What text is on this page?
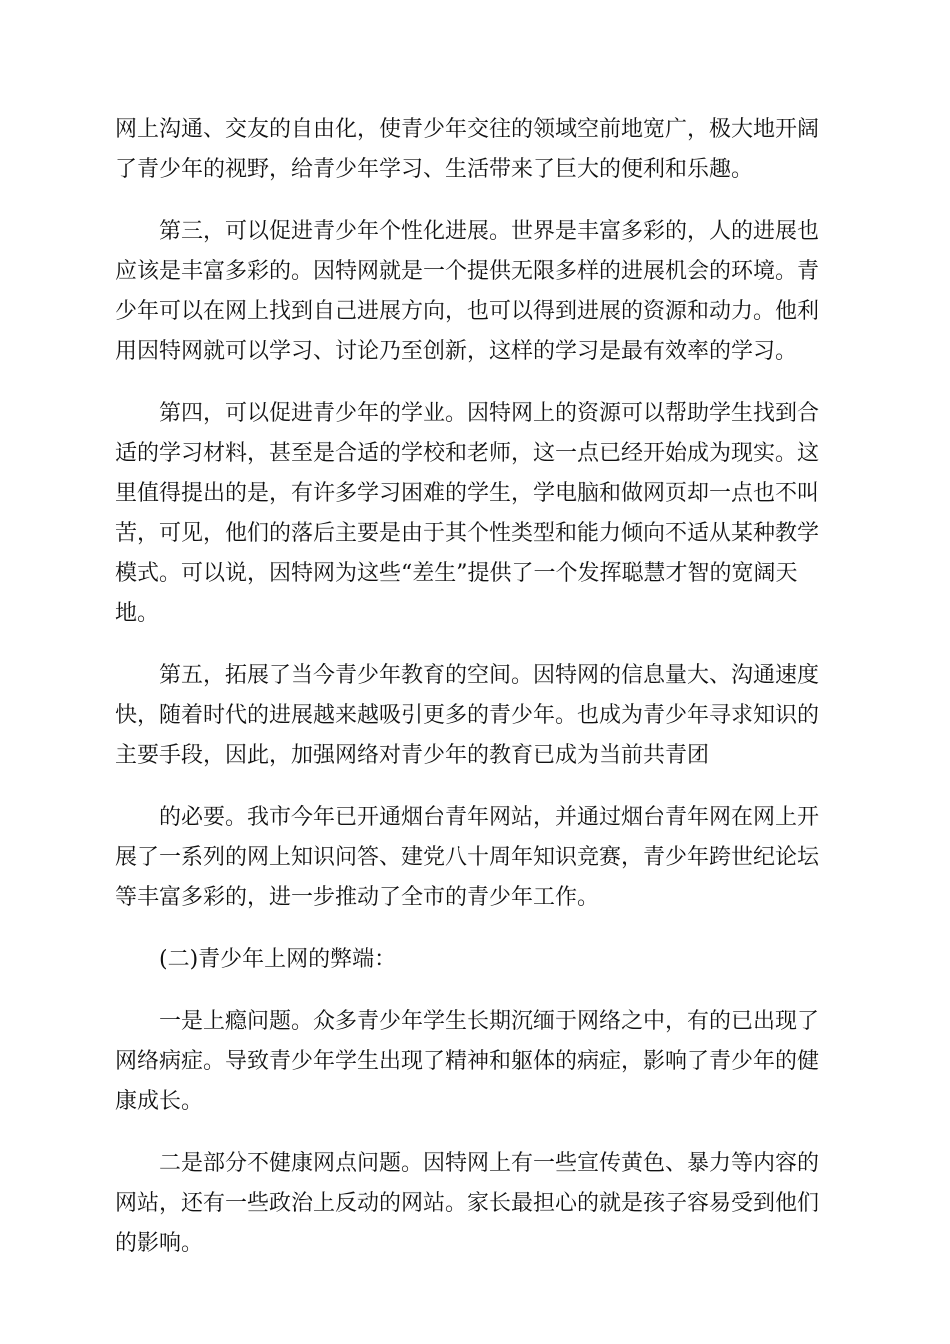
网上沟通、交友的自由化，使青少年交往的领域空前地宽广，极大地开阔了青少年的视野，给青少年学习、生活带来了巨大的便利和乐趣。

第三，可以促进青少年个性化进展。世界是丰富多彩的，人的进展也应该是丰富多彩的。因特网就是一个提供无限多样的进展机会的环境。青少年可以在网上找到自己进展方向，也可以得到进展的资源和动力。他利用因特网就可以学习、讨论乃至创新，这样的学习是最有效率的学习。

第四，可以促进青少年的学业。因特网上的资源可以帮助学生找到合适的学习材料，甚至是合适的学校和老师，这一点已经开始成为现实。这里值得提出的是，有许多学习困难的学生，学电脑和做网页却一点也不叫苦，可见，他们的落后主要是由于其个性类型和能力倾向不适从某种教学模式。可以说，因特网为这些“差生”提供了一个发挥聪慧才智的宽阔天地。

第五，拓展了当今青少年教育的空间。因特网的信息量大、沟通速度快，随着时代的进展越来越吸引更多的青少年。也成为青少年寻求知识的主要手段，因此，加强网络对青少年的教育已成为当前共青团

的必要。我市今年已开通烟台青年网站，并通过烟台青年网在网上开展了一系列的网上知识问答、建党八十周年知识竞赛，青少年跨世纪论坛等丰富多彩的，进一步推动了全市的青少年工作。

(二)青少年上网的弊端：

一是上瘾问题。众多青少年学生长期沉缅于网络之中，有的已出现了网络病症。导致青少年学生出现了精神和躯体的病症，影响了青少年的健康成长。

二是部分不健康网点问题。因特网上有一些宣传黄色、暴力等内容的网站，还有一些政治上反动的网站。家长最担心的就是孩子容易受到他们的影响。
